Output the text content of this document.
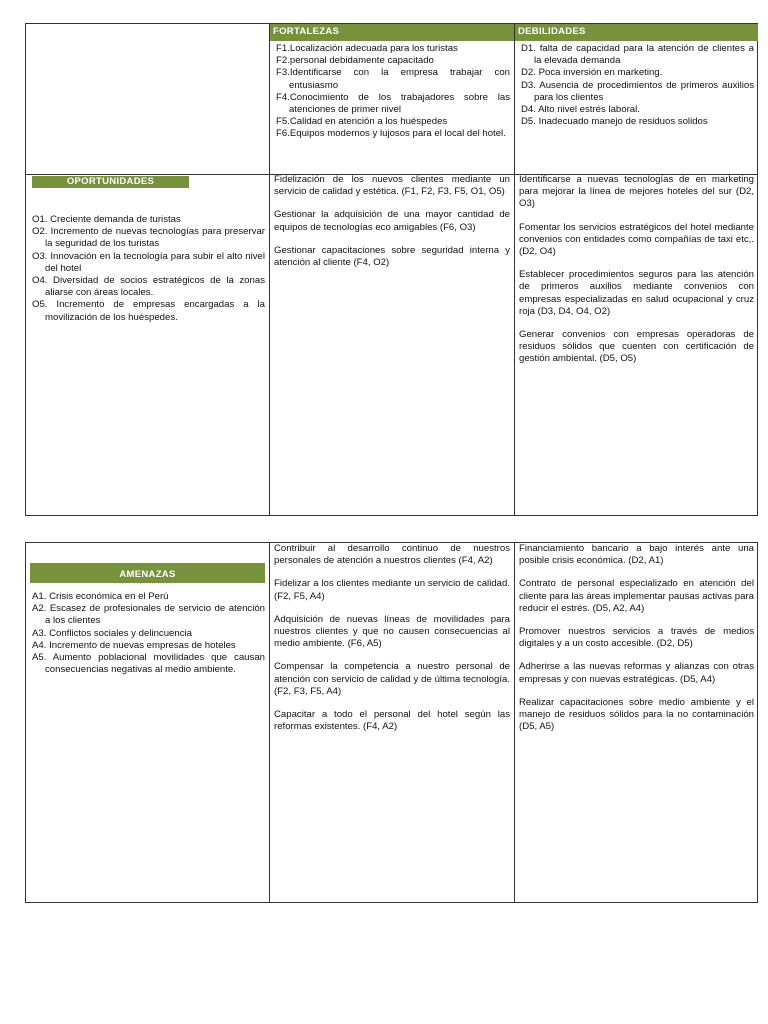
OPORTUNIDADES
O1. Creciente demanda de turistas
O2. Incremento de nuevas tecnologías para preservar la seguridad de los turistas
O3. Innovación en la tecnología para subir el alto nivel del hotel
O4. Diversidad de socios estratégicos de la zonas aliarse con áreas locales.
O5. Incremento de empresas encargadas a la movilización de los huéspedes.
FORTALEZAS
F1.Localización adecuada para los turistas
F2.personal debidamente capacitado
F3.Identificarse con la empresa trabajar con entusiasmo
F4.Conocimiento de los trabajadores sobre las atenciones de primer nivel
F5.Calidad en atención a los huéspedes
F6.Equipos modernos y lujosos para el local del hotel.

Fidelización de los nuevos clientes mediante un servicio de calidad y estética. (F1, F2, F3, F5, O1, O5)

Gestionar la adquisición de una mayor cantidad de equipos de tecnologías eco amigables (F6, O3)

Gestionar capacitaciones sobre seguridad interna y atención al cliente (F4, O2)

DEBILIDADES
D1. falta de capacidad para la atención de clientes a la elevada demanda
D2. Poca inversión en marketing.
D3. Ausencia de procedimientos de primeros auxilios para los clientes
D4. Alto nivel estrés laboral.
D5. Inadecuado manejo de residuos solidos

Identificarse a nuevas tecnologías de en marketing para mejorar la línea de mejores hoteles del sur (D2, O3)

Fomentar los servicios estratégicos del hotel mediante convenios con entidades como compañías de taxi etc,. (D2, O4)

Establecer procedimientos seguros para las atención de primeros auxilios mediante convenios con empresas especializadas en salud ocupacional y cruz roja (D3, D4, O4, O2)

Generar convenios con empresas operadoras de residuos sólidos que cuenten con certificación de gestión ambiental. (D5, O5)

AMENAZAS
A1. Crisis económica en el Perú
A2. Escasez de profesionales de servicio de atención a los clientes
A3. Conflictos sociales y delincuencia
A4. Incremento de nuevas empresas de hoteles
A5. Aumento poblacional movilidades que causan consecuencias negativas al medio ambiente.

Contribuir al desarrollo continuo de nuestros personales de atención a nuestros clientes (F4, A2)

Fidelizar a los clientes mediante un servicio de calidad. (F2, F5, A4)

Adquisición de nuevas líneas de movilidades para nuestros clientes y que no causen consecuencias al medio ambiente. (F6, A5)

Compensar la competencia a nuestro personal de atención con servicio de calidad y de última tecnología. (F2, F3, F5, A4)

Capacitar a todo el personal del hotel según las reformas existentes. (F4, A2)

Financiamiento bancario a bajo interés ante una posible crisis económica. (D2, A1)

Contrato de personal especializado en atención del cliente para las áreas implementar pausas activas para reducir el estrés. (D5, A2, A4)

Promover nuestros servicios a través de medios digitales y a un costo accesible. (D2, D5)

Adherirse a las nuevas reformas y alianzas con otras empresas y con nuevas estratégicas. (D5, A4)

Realizar capacitaciones sobre medio ambiente y el manejo de residuos sólidos para la no contaminación (D5, A5)
